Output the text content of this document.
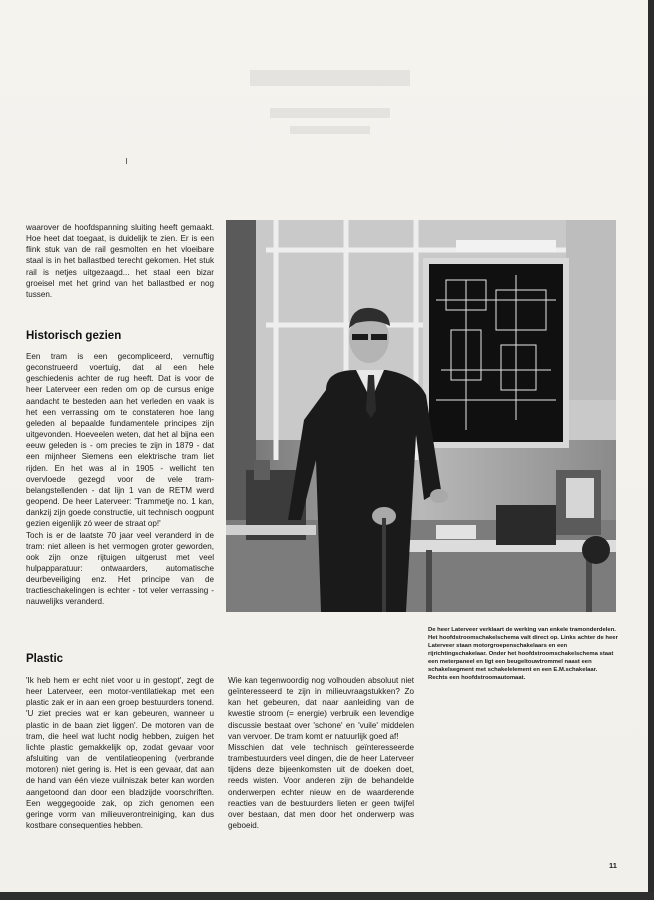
waarover de hoofdspanning sluiting heeft gemaakt. Hoe heet dat toegaat, is duidelijk te zien. Er is een flink stuk van de rail gesmolten en het vloeibare staal is in het ballastbed terecht gekomen. Het stuk rail is netjes uitgezaagd... het staal een bizar groeisel met het grind van het ballastbed er nog tussen.

Historisch gezien

Een tram is een gecompliceerd, vernuftig geconstrueerd voertuig, dat al een hele geschiedenis achter de rug heeft. Dat is voor de heer Laterveer een reden om op de cursus enige aandacht te besteden aan het verleden en vaak is het een verrassing om te constateren hoe lang geleden al bepaalde fundamentele principes zijn uitgevonden. Hoeveelen weten, dat het al bijna een eeuw geleden is - om precies te zijn in 1879 - dat een mijnheer Siemens een elektrische tram liet rijden. En het was al in 1905 - wellicht ten overvloede gezegd voor de vele tram-belangstellenden - dat lijn 1 van de RETM werd geopend. De heer Laterveer: 'Trammetje no. 1 kan, dankzij zijn goede constructie, uit technisch oogpunt gezien eigenlijk zó weer de straat op!'

Toch is er de laatste 70 jaar veel veranderd in de tram: niet alleen is het vermogen groter geworden, ook zijn onze rijtuigen uitgerust met veel hulpapparatuur: ontwaarders, automatische deurbeveiliging enz. Het principe van de tractieschakelingen is echter - tot veler verrassing - nauwelijks veranderd.

Plastic

'Ik heb hem er echt niet voor u in gestopt', zegt de heer Laterveer, een motor-ventilatiekap met een plastic zak er in aan een groep bestuurders tonend. 'U ziet precies wat er kan gebeuren, wanneer u plastic in de baan ziet liggen'. De motoren van de tram, die heel wat lucht nodig hebben, zuigen het lichte plastic gemakkelijk op, zodat gevaar voor afsluiting van de ventilatieopening (verbrande motoren) niet gering is. Het is een gevaar, dat aan de hand van één vieze vuilniszak beter kan worden aangetoond dan door een bladzijde voorschriften. Een weggegooide zak, op zich genomen een geringe vorm van milieuverontreiniging, kan dus kostbare consequenties hebben.

Wie kan tegenwoordig nog volhouden absoluut niet geïnteresseerd te zijn in milieuvraagstukken? Zo kan het gebeuren, dat naar aanleiding van de kwestie stroom (= energie) verbruik een levendige discussie bestaat over 'schone' en 'vuile' middelen van vervoer. De tram komt er natuurlijk goed af!

Misschien dat vele technisch geïnteresseerde trambestuurders veel dingen, die de heer Laterveer tijdens deze bijeenkomsten uit de doeken doet, reeds wisten. Voor anderen zijn de behandelde onderwerpen echter nieuw en de waarderende reacties van de bestuurders lieten er geen twijfel over bestaan, dat men door het onderwerp was geboeid.

De heer Laterveer verklaart de werking van enkele tramonderdelen. Het hoofdstroomschakelschema valt direct op. Links achter de heer Laterveer staan motorgroepenschakelaars en een rijrichtingschakelaar. Onder het hoofdstroomschakelschema staat een meterpaneel en ligt een beugeltouwtrommel naast een schakelsegment met schakelelement en een E.M.schakelaar. Rechts een hoofdstroomautomaat.

11
